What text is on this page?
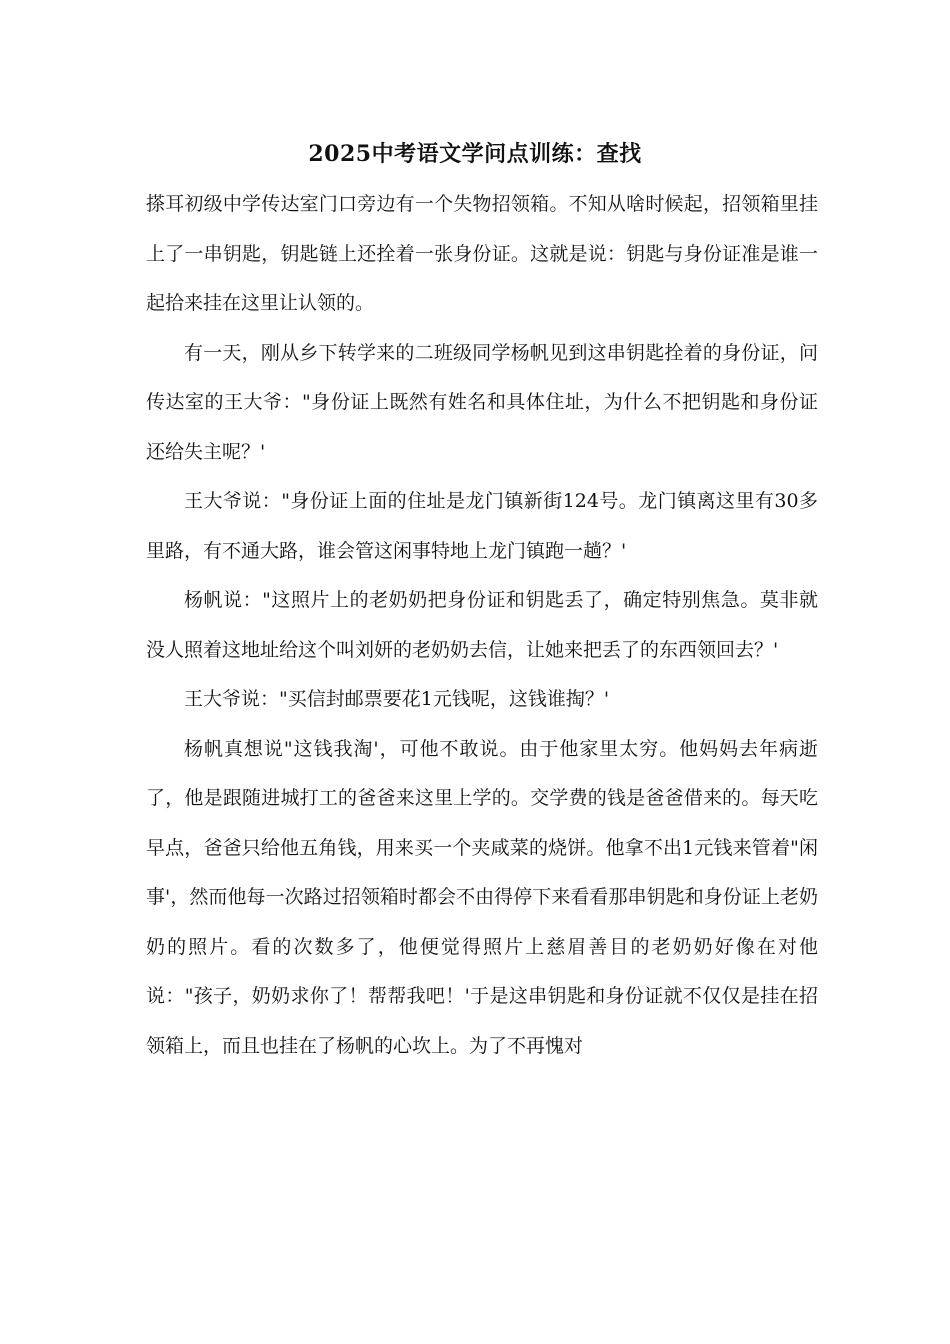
2025中考语文学问点训练：查找

搽耳初级中学传达室门口旁边有一个失物招领箱。不知从啥时候起，招领箱里挂上了一串钥匙，钥匙链上还拴着一张身份证。这就是说：钥匙与身份证准是谁一起拾来挂在这里让认领的。

有一天，刚从乡下转学来的二班级同学杨帆见到这串钥匙拴着的身份证，问传达室的王大爷："身份证上既然有姓名和具体住址，为什么不把钥匙和身份证还给失主呢？'

王大爷说："身份证上面的住址是龙门镇新街124号。龙门镇离这里有30多里路，有不通大路，谁会管这闲事特地上龙门镇跑一趟？'

杨帆说："这照片上的老奶奶把身份证和钥匙丢了，确定特别焦急。莫非就没人照着这地址给这个叫刘妍的老奶奶去信，让她来把丢了的东西领回去？'

王大爷说："买信封邮票要花1元钱呢，这钱谁掏？'

杨帆真想说"这钱我淘'，可他不敢说。由于他家里太穷。他妈妈去年病逝了，他是跟随进城打工的爸爸来这里上学的。交学费的钱是爸爸借来的。每天吃早点，爸爸只给他五角钱，用来买一个夹咸菜的烧饼。他拿不出1元钱来管着"闲事'，然而他每一次路过招领箱时都会不由得停下来看看那串钥匙和身份证上老奶奶的照片。看的次数多了，他便觉得照片上慈眉善目的老奶奶好像在对他说："孩子，奶奶求你了！帮帮我吧！'于是这串钥匙和身份证就不仅仅是挂在招领箱上，而且也挂在了杨帆的心坎上。为了不再愧对
